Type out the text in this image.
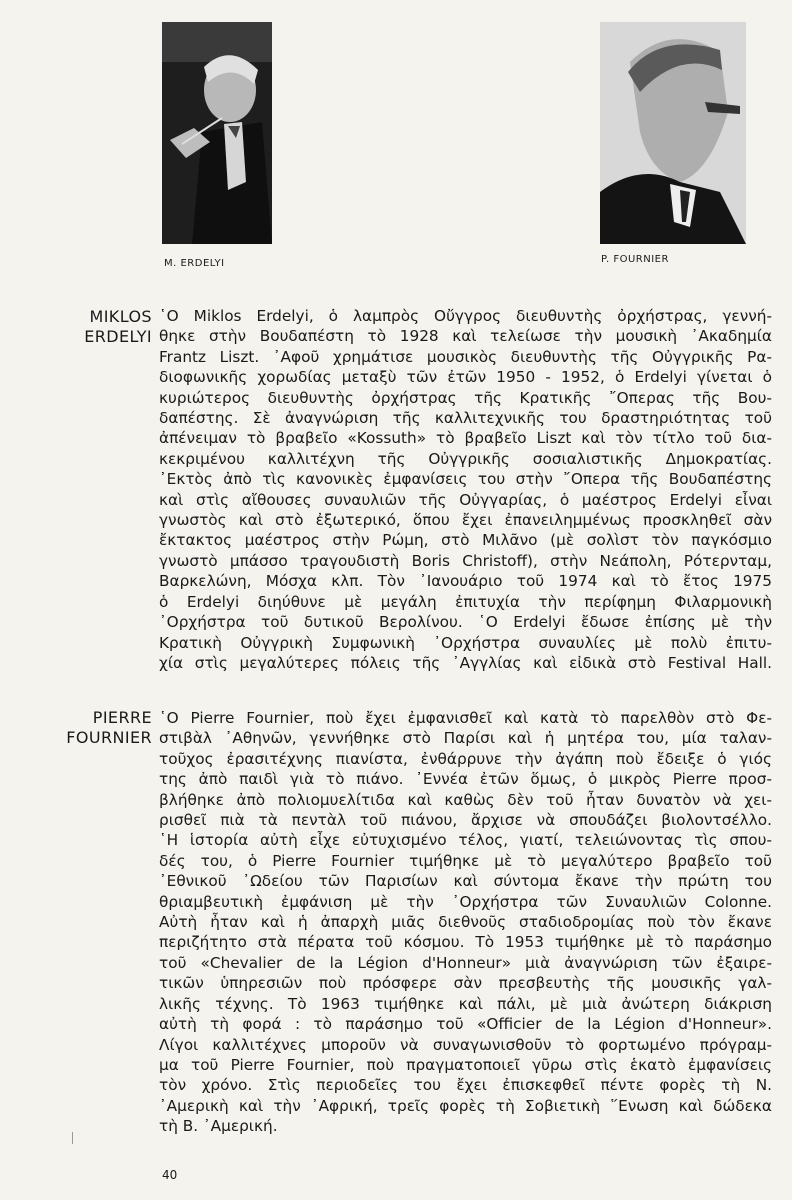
M. ERDELYI	P. FOURNIER
MIKLOS
ERDELYI
῾Ο Miklos Erdelyi, ὁ λαμπρὸς Οὔγγρος διευθυντὴς ὀρχήστρας, γεννή-
θηκε στὴν Βουδαπέστη τὸ 1928 καὶ τελείωσε τὴν μουσικὴ ᾿Ακαδημία
Frantz Liszt. ᾿Αφοῦ χρημάτισε μουσικὸς διευθυντὴς τῆς Οὐγγρικῆς Ρα-
διοφωνικῆς χορωδίας μεταξὺ τῶν ἐτῶν 1950 - 1952, ὁ Erdelyi γίνεται ὁ
κυριώτερος διευθυντὴς ὀρχήστρας τῆς Κρατικῆς ῎Οπερας τῆς Βου-
δαπέστης. Σὲ ἀναγνώριση τῆς καλλιτεχνικῆς του δραστηριότητας τοῦ
ἀπένειμαν τὸ βραβεῖο «Kossuth» τὸ βραβεῖο Liszt καὶ τὸν τίτλο τοῦ δια-
κεκριμένου καλλιτέχνη τῆς Οὐγγρικῆς σοσιαλιστικῆς Δημοκρατίας.
᾿Εκτὸς ἀπὸ τὶς κανονικὲς ἐμφανίσεις του στὴν ῎Οπερα τῆς Βουδαπέστης
καὶ στὶς αἴθουσες συναυλιῶν τῆς Οὐγγαρίας, ὁ μαέστρος Erdelyi εἶναι
γνωστὸς καὶ στὸ ἐξωτερικό, ὅπου ἔχει ἐπανειλημμένως προσκληθεῖ σὰν
ἔκτακτος μαέστρος στὴν Ρώμη, στὸ Μιλᾶνο (μὲ σολὶστ τὸν παγκόσμιο
γνωστὸ μπάσσο τραγουδιστὴ Boris Christoff), στὴν Νεάπολη, Ρότερνταμ,
Βαρκελώνη, Μόσχα κλπ. Τὸν ᾿Ιανουάριο τοῦ 1974 καὶ τὸ ἔτος 1975
ὁ Erdelyi διηύθυνε μὲ μεγάλη ἐπιτυχία τὴν περίφημη Φιλαρμονικὴ
᾿Ορχήστρα τοῦ δυτικοῦ Βερολίνου. ῾Ο Erdelyi ἔδωσε ἐπίσης μὲ τὴν
Κρατικὴ Οὐγγρικὴ Συμφωνικὴ ᾿Ορχήστρα συναυλίες μὲ πολὺ ἐπιτυ-
χία στὶς μεγαλύτερες πόλεις τῆς ᾿Αγγλίας καὶ εἰδικὰ στὸ Festival Hall.
PIERRE
FOURNIER
῾Ο Pierre Fournier, ποὺ ἔχει ἐμφανισθεῖ καὶ κατὰ τὸ παρελθὸν στὸ Φε-
στιβὰλ ᾿Αθηνῶν, γεννήθηκε στὸ Παρίσι καὶ ἡ μητέρα του, μία ταλαν-
τοῦχος ἐρασιτέχνης πιανίστα, ἐνθάρρυνε τὴν ἀγάπη ποὺ ἔδειξε ὁ γιός
της ἀπὸ παιδὶ γιὰ τὸ πιάνο. ᾿Εννέα ἐτῶν ὅμως, ὁ μικρὸς Pierre προσ-
βλήθηκε ἀπὸ πολιομυελίτιδα καὶ καθὼς δὲν τοῦ ἦταν δυνατὸν νὰ χει-
ρισθεῖ πιὰ τὰ πεντὰλ τοῦ πιάνου, ἄρχισε νὰ σπουδάζει βιολοντσέλλο.
῾Η ἱστορία αὐτὴ εἶχε εὐτυχισμένο τέλος, γιατί, τελειώνοντας τὶς σπου-
δές του, ὁ Pierre Fournier τιμήθηκε μὲ τὸ μεγαλύτερο βραβεῖο τοῦ
᾿Εθνικοῦ ᾿Ωδείου τῶν Παρισίων καὶ σύντομα ἔκανε τὴν πρώτη του
θριαμβευτικὴ ἐμφάνιση μὲ τὴν ᾿Ορχήστρα τῶν Συναυλιῶν Colonne.
Αὐτὴ ἦταν καὶ ἡ ἀπαρχὴ μιᾶς διεθνοῦς σταδιοδρομίας ποὺ τὸν ἔκανε
περιζήτητο στὰ πέρατα τοῦ κόσμου. Τὸ 1953 τιμήθηκε μὲ τὸ παράσημο
τοῦ «Chevalier de la Légion d'Honneur» μιὰ ἀναγνώριση τῶν ἐξαιρε-
τικῶν ὑπηρεσιῶν ποὺ πρόσφερε σὰν πρεσβευτὴς τῆς μουσικῆς γαλ-
λικῆς τέχνης. Τὸ 1963 τιμήθηκε καὶ πάλι, μὲ μιὰ ἀνώτερη διάκριση
αὐτὴ τὴ φορά : τὸ παράσημο τοῦ «Officier de la Légion d'Honneur».
Λίγοι καλλιτέχνες μποροῦν νὰ συναγωνισθοῦν τὸ φορτωμένο πρόγραμ-
μα τοῦ Pierre Fournier, ποὺ πραγματοποιεῖ γῦρω στὶς ἑκατὸ ἐμφανίσεις
τὸν χρόνο. Στὶς περιοδεῖες του ἔχει ἐπισκεφθεῖ πέντε φορὲς τὴ Ν.
᾿Αμερικὴ καὶ τὴν ᾿Αφρική, τρεῖς φορὲς τὴ Σοβιετικὴ ῞Ενωση καὶ δώδεκα
τὴ Β. ᾿Αμερική.
40
